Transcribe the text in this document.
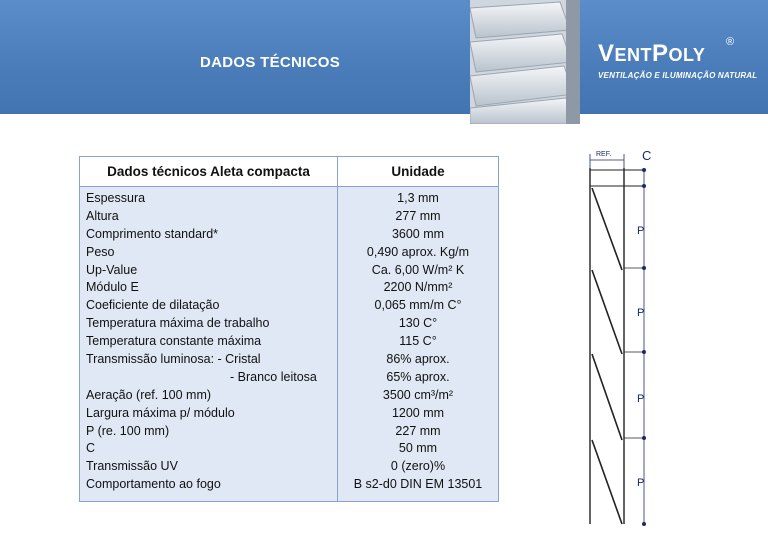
DADOS TÉCNICOS	VENTPOLY
®
VENTILAÇÃO E ILUMINAÇÃO NATURAL
Dados técnicos Aleta compacta	Unidade
Espessura	1,3 mm
Altura	277 mm
Comprimento standard*	3600 mm
Peso	0,490 aprox. Kg/m
Up-Value	Ca. 6,00 W/m² K
Módulo E	2200 N/mm²
Coeficiente de dilatação	0,065 mm/m C°
Temperatura máxima de trabalho	130 C°
Temperatura constante máxima	115 C°
Transmissão luminosa: - Cristal	86% aprox.
- Branco leitosa	65% aprox.
Aeração (ref. 100 mm)	3500 cm³/m²
Largura máxima p/ módulo	1200 mm
P (re. 100 mm)	227 mm
C	50 mm
Transmissão UV	0 (zero)%
Comportamento ao fogo	B s2-d0 DIN EM 13501
REF. C
P
P
P
P
